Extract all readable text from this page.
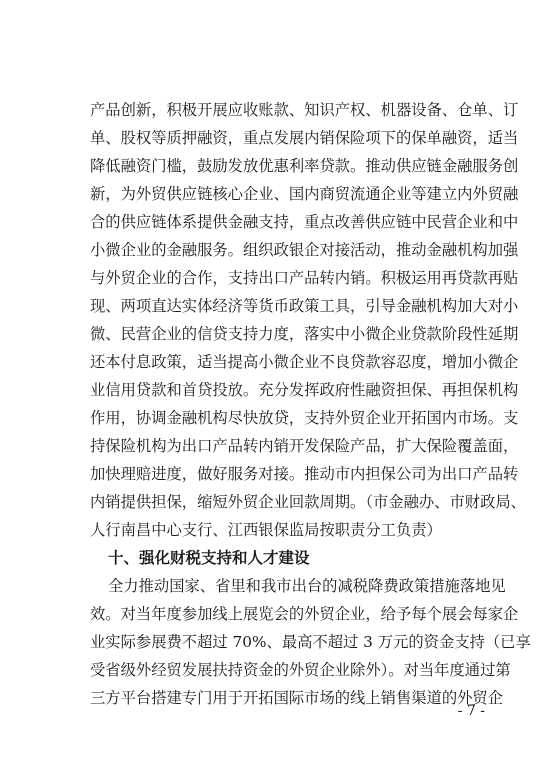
产品创新，积极开展应收账款、知识产权、机器设备、仓单、订
单、股权等质押融资，重点发展内销保险项下的保单融资，适当
降低融资门槛，鼓励发放优惠利率贷款。推动供应链金融服务创
新，为外贸供应链核心企业、国内商贸流通企业等建立内外贸融
合的供应链体系提供金融支持，重点改善供应链中民营企业和中
小微企业的金融服务。组织政银企对接活动，推动金融机构加强
与外贸企业的合作，支持出口产品转内销。积极运用再贷款再贴
现、两项直达实体经济等货币政策工具，引导金融机构加大对小
微、民营企业的信贷支持力度，落实中小微企业贷款阶段性延期
还本付息政策，适当提高小微企业不良贷款容忍度，增加小微企
业信用贷款和首贷投放。充分发挥政府性融资担保、再担保机构
作用，协调金融机构尽快放贷，支持外贸企业开拓国内市场。支
持保险机构为出口产品转内销开发保险产品，扩大保险覆盖面，
加快理赔进度，做好服务对接。推动市内担保公司为出口产品转
内销提供担保，缩短外贸企业回款周期。（市金融办、市财政局、
人行南昌中心支行、江西银保监局按职责分工负责）
十、强化财税支持和人才建设
全力推动国家、省里和我市出台的减税降费政策措施落地见
效。对当年度参加线上展览会的外贸企业，给予每个展会每家企
业实际参展费不超过 70%、最高不超过 3 万元的资金支持（已享
受省级外经贸发展扶持资金的外贸企业除外）。对当年度通过第
三方平台搭建专门用于开拓国际市场的线上销售渠道的外贸企
- 7 -
